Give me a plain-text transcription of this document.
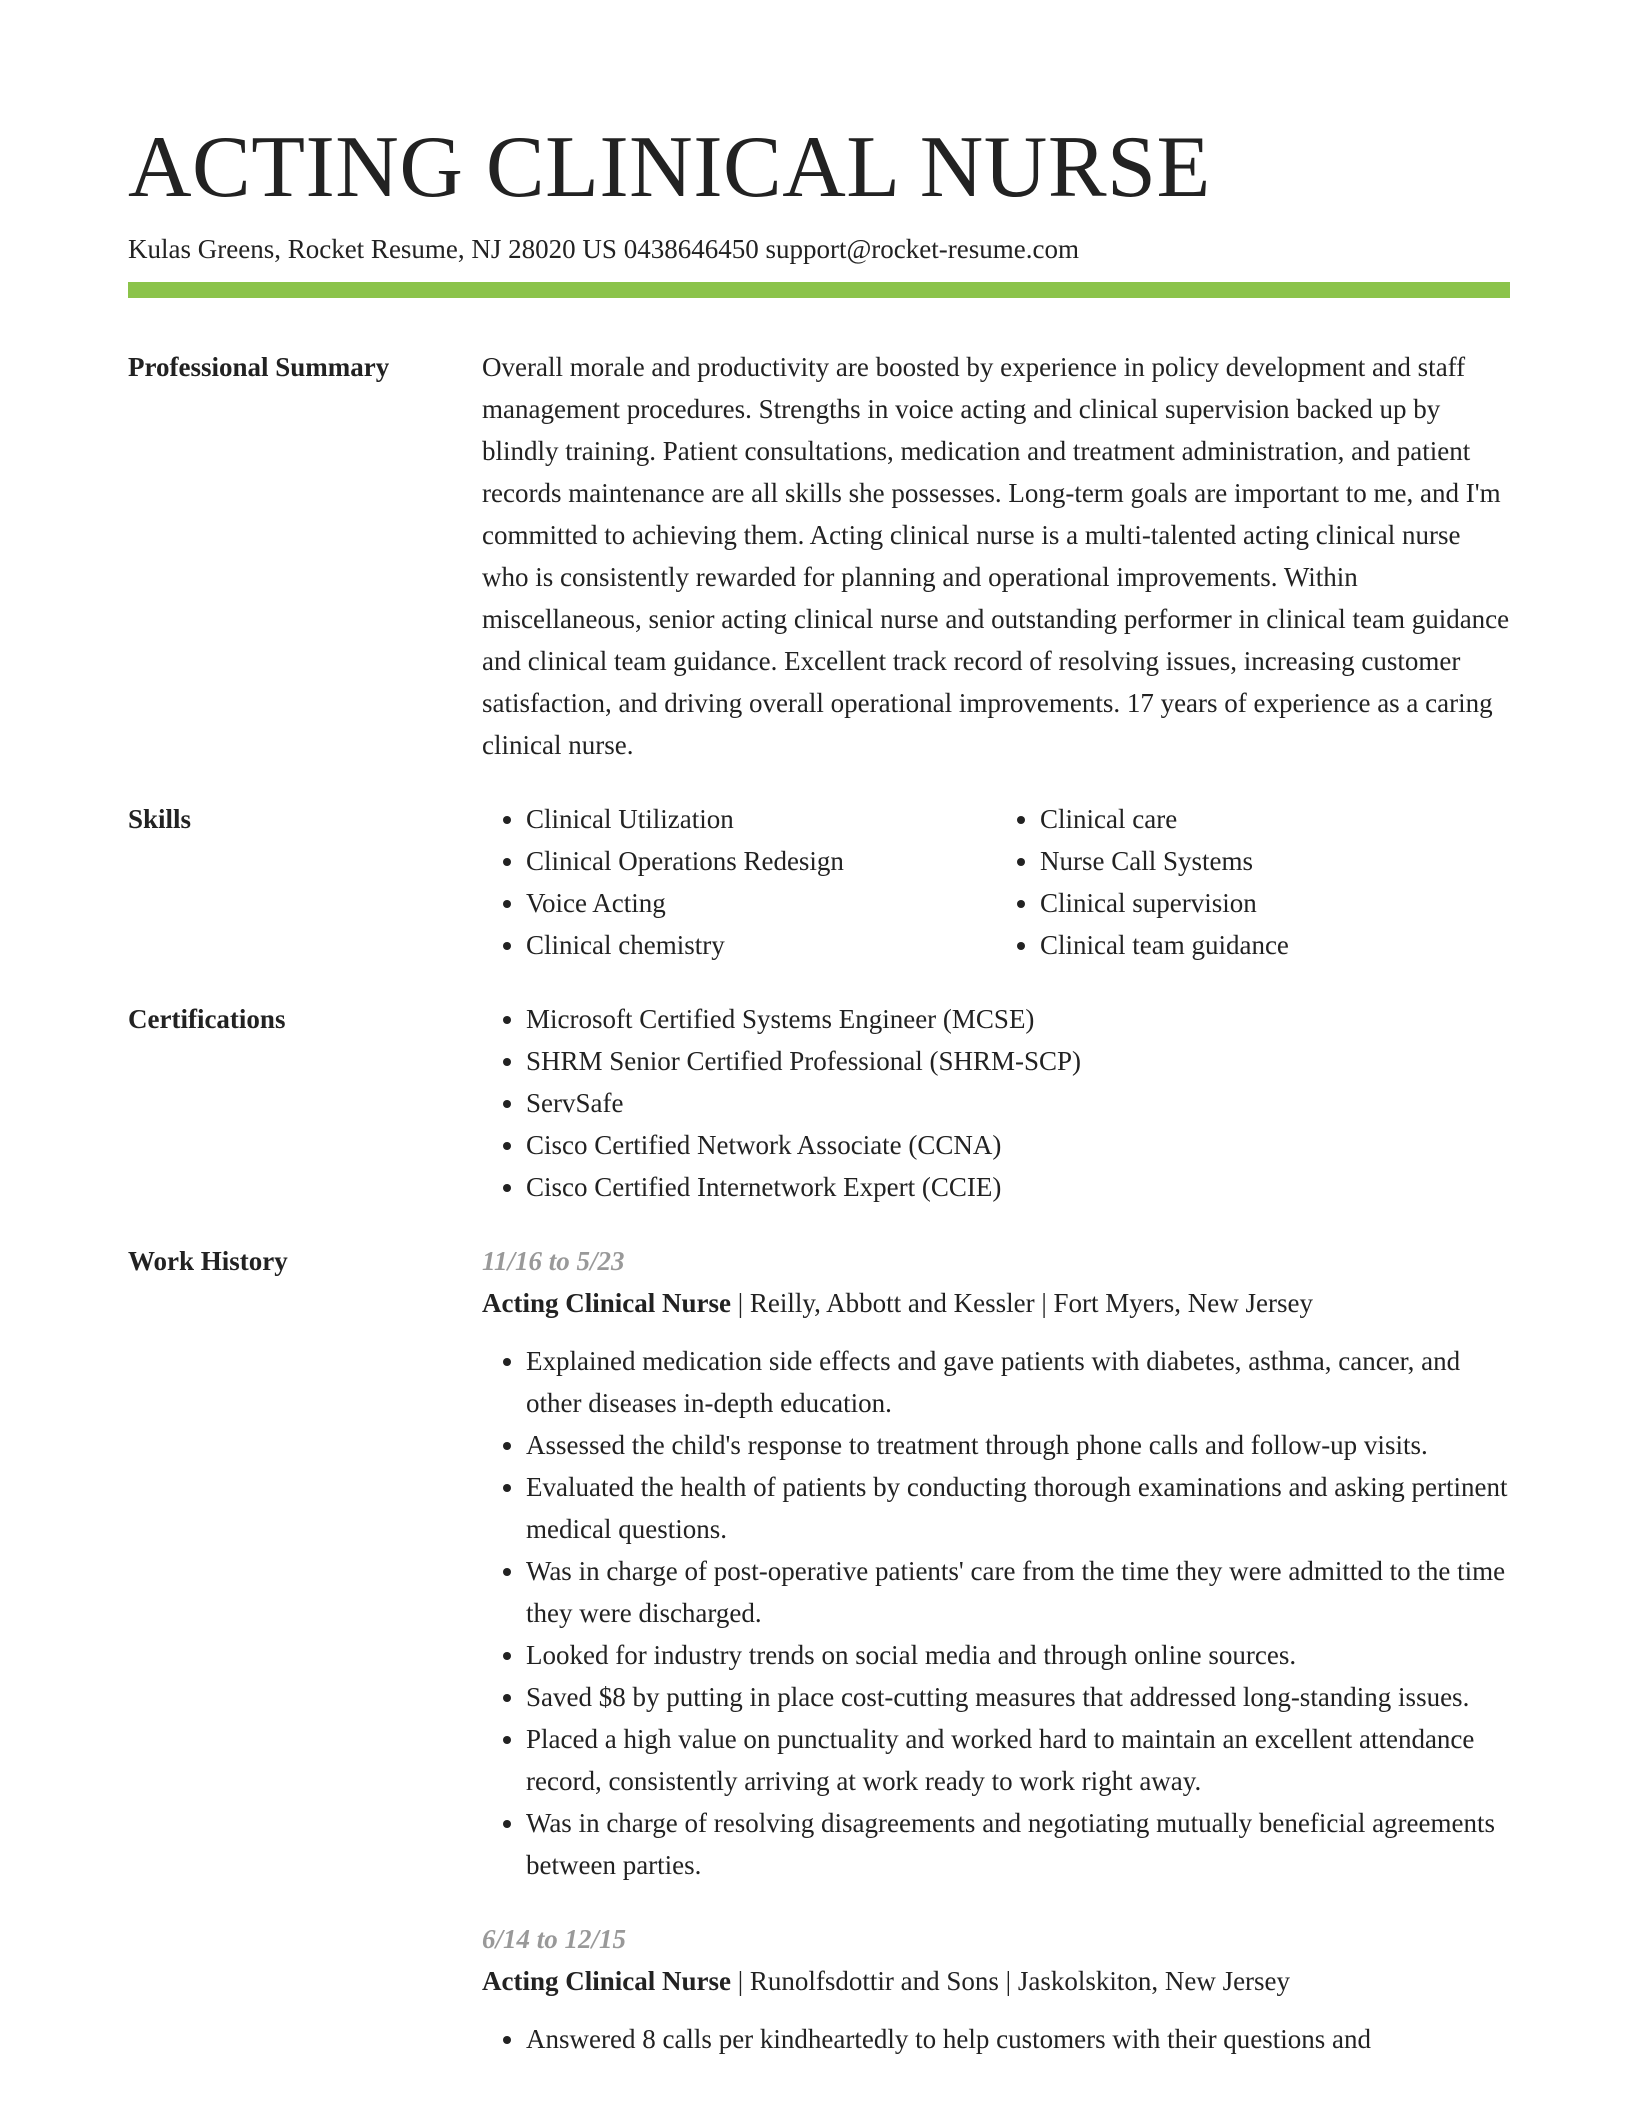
ACTING CLINICAL NURSE
Kulas Greens, Rocket Resume, NJ 28020 US 0438646450 support@rocket-resume.com
Professional Summary	Overall morale and productivity are boosted by experience in policy development and staff management procedures. Strengths in voice acting and clinical supervision backed up by blindly training. Patient consultations, medication and treatment administration, and patient records maintenance are all skills she possesses. Long-term goals are important to me, and I'm committed to achieving them. Acting clinical nurse is a multi-talented acting clinical nurse who is consistently rewarded for planning and operational improvements. Within miscellaneous, senior acting clinical nurse and outstanding performer in clinical team guidance and clinical team guidance. Excellent track record of resolving issues, increasing customer satisfaction, and driving overall operational improvements. 17 years of experience as a caring clinical nurse.

Skills	• Clinical Utilization
• Clinical Operations Redesign
• Voice Acting
• Clinical chemistry
• Clinical care
• Nurse Call Systems
• Clinical supervision
• Clinical team guidance
Certifications	• Microsoft Certified Systems Engineer (MCSE)
• SHRM Senior Certified Professional (SHRM-SCP)
• ServSafe
• Cisco Certified Network Associate (CCNA)
• Cisco Certified Internetwork Expert (CCIE)
Work History	11/16 to 5/23
Acting Clinical Nurse | Reilly, Abbott and Kessler | Fort Myers, New Jersey
• Explained medication side effects and gave patients with diabetes, asthma, cancer, and other diseases in-depth education.
• Assessed the child's response to treatment through phone calls and follow-up visits.
• Evaluated the health of patients by conducting thorough examinations and asking pertinent medical questions.
• Was in charge of post-operative patients' care from the time they were admitted to the time they were discharged.
• Looked for industry trends on social media and through online sources.
• Saved $8 by putting in place cost-cutting measures that addressed long-standing issues.
• Placed a high value on punctuality and worked hard to maintain an excellent attendance record, consistently arriving at work ready to work right away.
• Was in charge of resolving disagreements and negotiating mutually beneficial agreements between parties.
6/14 to 12/15
Acting Clinical Nurse | Runolfsdottir and Sons | Jaskolskiton, New Jersey
• Answered 8 calls per kindheartedly to help customers with their questions and
